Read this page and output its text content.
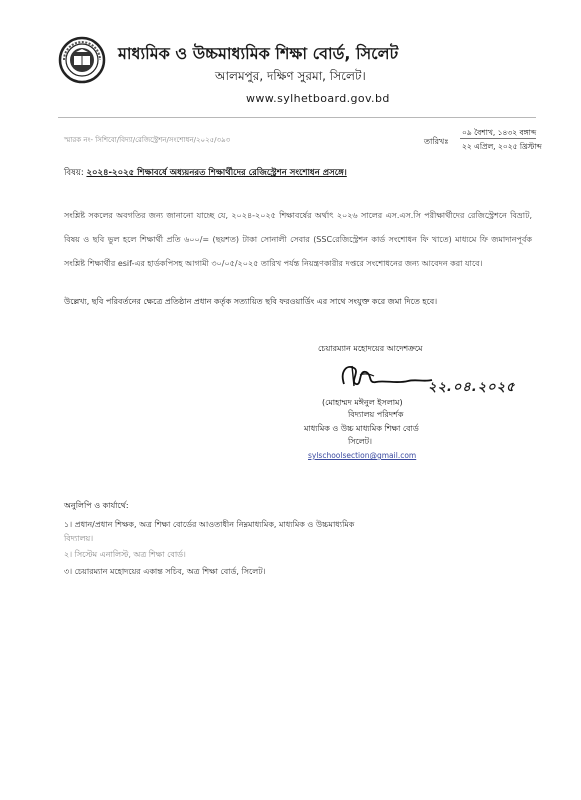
মাধ্যমিক ও উচ্চমাধ্যমিক শিক্ষা বোর্ড, সিলেট
আলমপুর, দক্ষিণ সুরমা, সিলেট।
www.sylhetboard.gov.bd
স্মারক নং- সিশিবো/বিদ্যা/রেজিস্ট্রেশন/সংশোধন/২০২৫/৩৯৩	তারিখঃ
০৯ বৈশাখ, ১৪৩২ বঙ্গাব্দ
২২ এপ্রিল, ২০২৫ খ্রিস্টাব্দ
বিষয়: ২০২৪-২০২৫ শিক্ষাবর্ষে অধ্যয়নরত শিক্ষার্থীদের রেজিস্ট্রেশন সংশোধন প্রসঙ্গে।
সংশ্লিষ্ট সকলের অবগতির জন্য জানানো যাচ্ছে যে, ২০২৪-২০২৫ শিক্ষাবর্ষের অর্থাৎ ২০২৬ সালের এস.এস.সি পরীক্ষার্থীদের রেজিস্ট্রেশনে বিভ্রাট, বিষয় ও ছবি ভুল হলে শিক্ষার্থী প্রতি ৬০০/= (ছয়শত) টাকা সোনালী সেবার (SSCরেজিস্ট্রেশন কার্ড সংশোধন ফি খাতে) মাধ্যমে ফি জমাদানপূর্বক সংশ্লিষ্ট শিক্ষার্থীর esif-এর হার্ডকপিসহ আগামী ৩০/০৫/২০২৫ তারিখ পর্যন্ত নিয়ন্ত্রণকারীর দপ্তরে সংশোধনের জন্য আবেদন করা যাবে।
উল্লেখ্য, ছবি পরিবর্তনের ক্ষেত্রে প্রতিষ্ঠান প্রধান কর্তৃক সত্যায়িত ছবি ফরওয়ার্ডিং এর সাথে সংযুক্ত করে জমা দিতে হবে।
চেয়ারম্যান মহোদয়ের আদেশক্রমে
২২.০৪.২০২৫
(মোহাম্মদ মঈনুল ইসলাম)
বিদ্যালয় পরিদর্শক
মাধ্যমিক ও উচ্চ মাধ্যমিক শিক্ষা বোর্ড
সিলেট।
sylschoolsection@gmail.com
অনুলিপি ও কার্যার্থে:
১। প্রধান/প্রধান শিক্ষক, অত্র শিক্ষা বোর্ডের আওতাধীন নিম্নমাধ্যমিক, মাধ্যমিক ও উচ্চমাধ্যমিক
বিদ্যালয়।
২। সিস্টেম এনালিস্ট, অত্র শিক্ষা বোর্ড।
৩। চেয়ারম্যান মহোদয়ের একান্ত সচিব, অত্র শিক্ষা বোর্ড, সিলেট।
